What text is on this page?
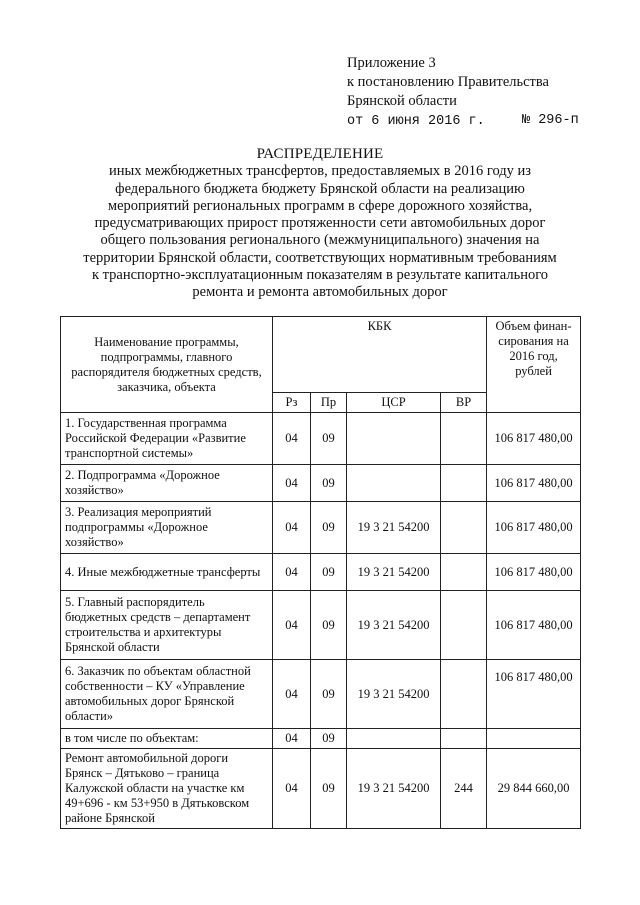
Приложение 3
к постановлению Правительства
Брянской области
от 6 июня 2016 г.	№ 296-п
РАСПРЕДЕЛЕНИЕ
иных межбюджетных трансфертов, предоставляемых в 2016 году из
федерального бюджета бюджету Брянской области на реализацию
мероприятий региональных программ в сфере дорожного хозяйства,
предусматривающих прирост протяженности сети автомобильных дорог
общего пользования регионального (межмуниципального) значения на
территории Брянской области, соответствующих нормативным требованиям
к транспортно-эксплуатационным показателям в результате капитального
ремонта и ремонта автомобильных дорог
Наименование программы, подпрограммы, главного распорядителя бюджетных средств, заказчика, объекта	КБК				Объем финан-сирования на 2016 год, рублей
	Рз	Пр	ЦСР	ВР	
1. Государственная программа Российской Федерации «Развитие транспортной системы»	04	09			106 817 480,00
2. Подпрограмма «Дорожное хозяйство»	04	09			106 817 480,00
3. Реализация мероприятий подпрограммы «Дорожное хозяйство»	04	09	19 3 21 54200		106 817 480,00
4. Иные межбюджетные трансферты	04	09	19 3 21 54200		106 817 480,00
5. Главный распорядитель бюджетных средств – департамент строительства и архитектуры Брянской области	04	09	19 3 21 54200		106 817 480,00
6. Заказчик по объектам областной собственности – КУ «Управление автомобильных дорог Брянской области»	04	09	19 3 21 54200		106 817 480,00
в том числе по объектам:	04	09			
Ремонт автомобильной дороги Брянск – Дятьково – граница Калужской области на участке км 49+696 - км 53+950 в Дятьковском районе Брянской	04	09	19 3 21 54200	244	29 844 660,00
